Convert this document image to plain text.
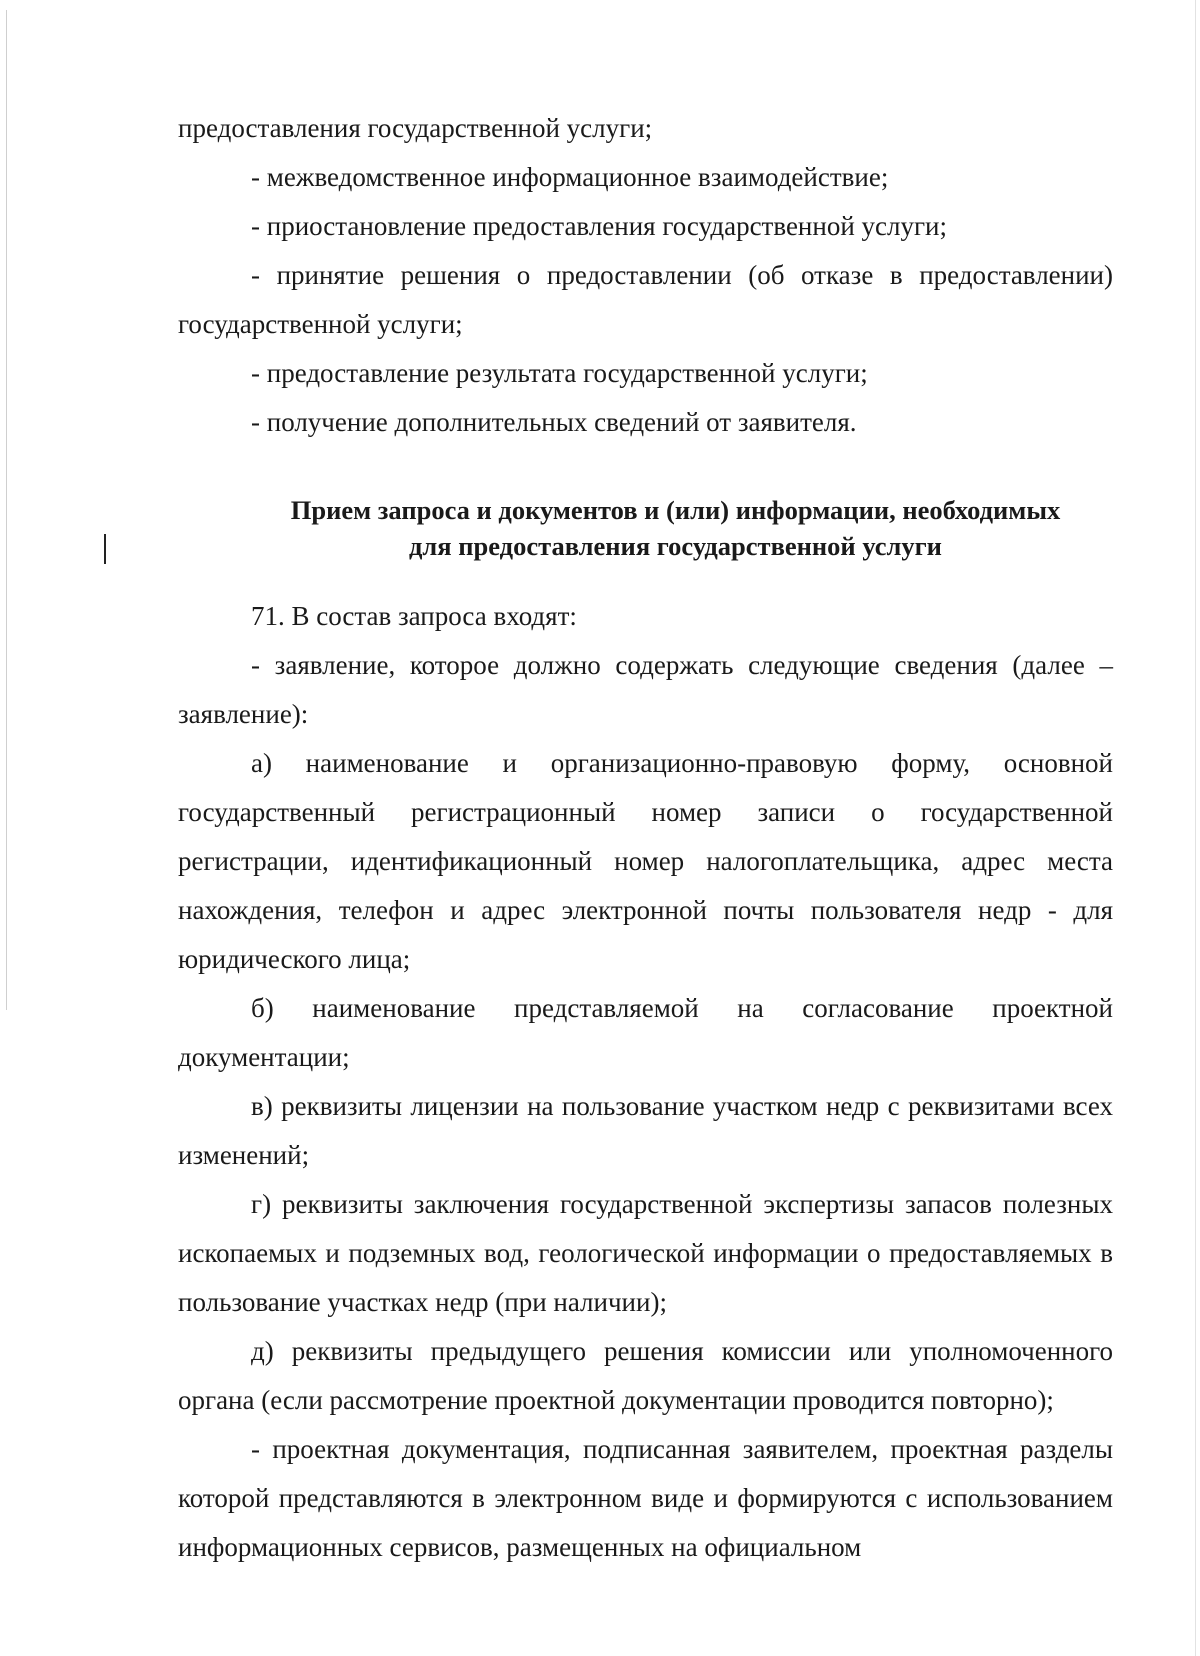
предоставления государственной услуги;

- межведомственное информационное взаимодействие;

- приостановление предоставления государственной услуги;

- принятие решения о предоставлении (об отказе в предоставлении) государственной услуги;

- предоставление результата государственной услуги;

- получение дополнительных сведений от заявителя.

Прием запроса и документов и (или) информации, необходимых
для предоставления государственной услуги

71. В состав запроса входят:

- заявление, которое должно содержать следующие сведения (далее – заявление):

а) наименование и организационно-правовую форму, основной государственный регистрационный номер записи о государственной регистрации, идентификационный номер налогоплательщика, адрес места нахождения, телефон и адрес электронной почты пользователя недр - для юридического лица;

б) наименование представляемой на согласование проектной документации;

в) реквизиты лицензии на пользование участком недр с реквизитами всех изменений;

г) реквизиты заключения государственной экспертизы запасов полезных ископаемых и подземных вод, геологической информации о предоставляемых в пользование участках недр (при наличии);

д) реквизиты предыдущего решения комиссии или уполномоченного органа (если рассмотрение проектной документации проводится повторно);

- проектная документация, подписанная заявителем, проектная разделы которой представляются в электронном виде и формируются с использованием информационных сервисов, размещенных на официальном
